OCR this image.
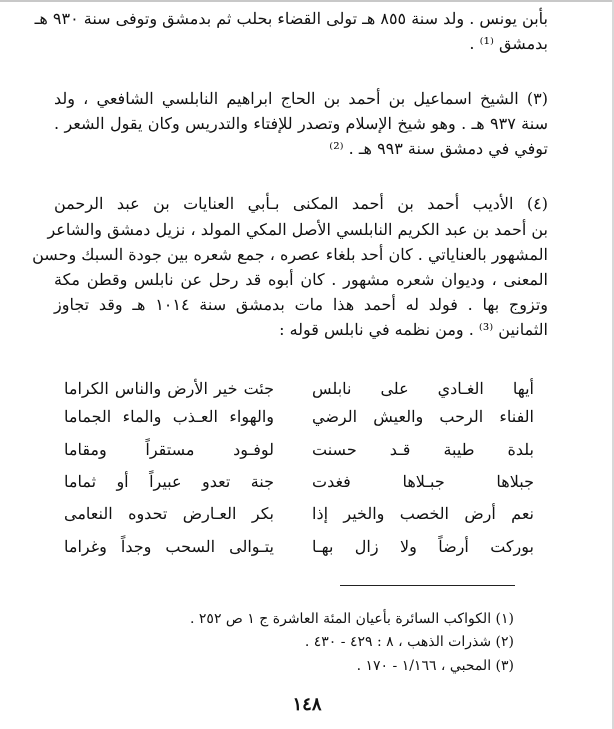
بأبن يونس . ولد سنة ٨٥٥ هـ تولى القضاء بحلب ثم بدمشق وتوفى سنة ٩٣٠ هـ
بدمشق ⁽¹⁾ .
(٣) الشيخ اسماعيل بن أحمد بن الحاج ابراهيم النابلسي الشافعي ، ولد
سنة ٩٣٧ هـ . وهو شيخ الإسلام وتصدر للإفتاء والتدريس وكان يقول الشعر .
توفي في دمشق سنة ٩٩٣ هـ . ⁽²⁾
(٤) الأديب أحمد بن أحمد المكنى بـأبي العنايات بن عبد الرحمن
بن أحمد بن عبد الكريم النابلسي الأصل المكي المولد ، نزيل دمشق والشاعر
المشهور بالعناياتي . كان أحد بلغاء عصره ، جمع شعره بين جودة السبك وحسن
المعنى ، وديوان شعره مشهور . كان أبوه قد رحل عن نابلس وقطن مكة
وتزوج بها . فولد له أحمد هذا مات بدمشق سنة ١٠١٤ هـ وقد تجاوز
الثمانين ⁽³⁾ . ومن نظمه في نابلس قوله :
أيها الغـادي على نابلس
جئت خير الأرض والناس الكراما
الفناء الرحب والعيش الرضي
والهواء العـذب والماء الجماما
بلدة طيبة قـد حسنت
لوفـود مستقراً ومقاما
جبلاها جبـلاها فغدت
جنة تعدو عبيراً أو ثماما
نعم أرض الخصب والخير إذا
بكر العـارض تحدوه النعامى
بوركت أرضاً ولا زال بهـا
يتـوالى السحب وجداً وغراما
(١) الكواكب السائرة بأعيان المئة العاشرة ج ١ ص ٢٥٢ .
(٢) شذرات الذهب ، ٨ : ٤٢٩ - ٤٣٠ .
(٣) المحبي ، ١/١٦٦ - ١٧٠ .
١٤٨
